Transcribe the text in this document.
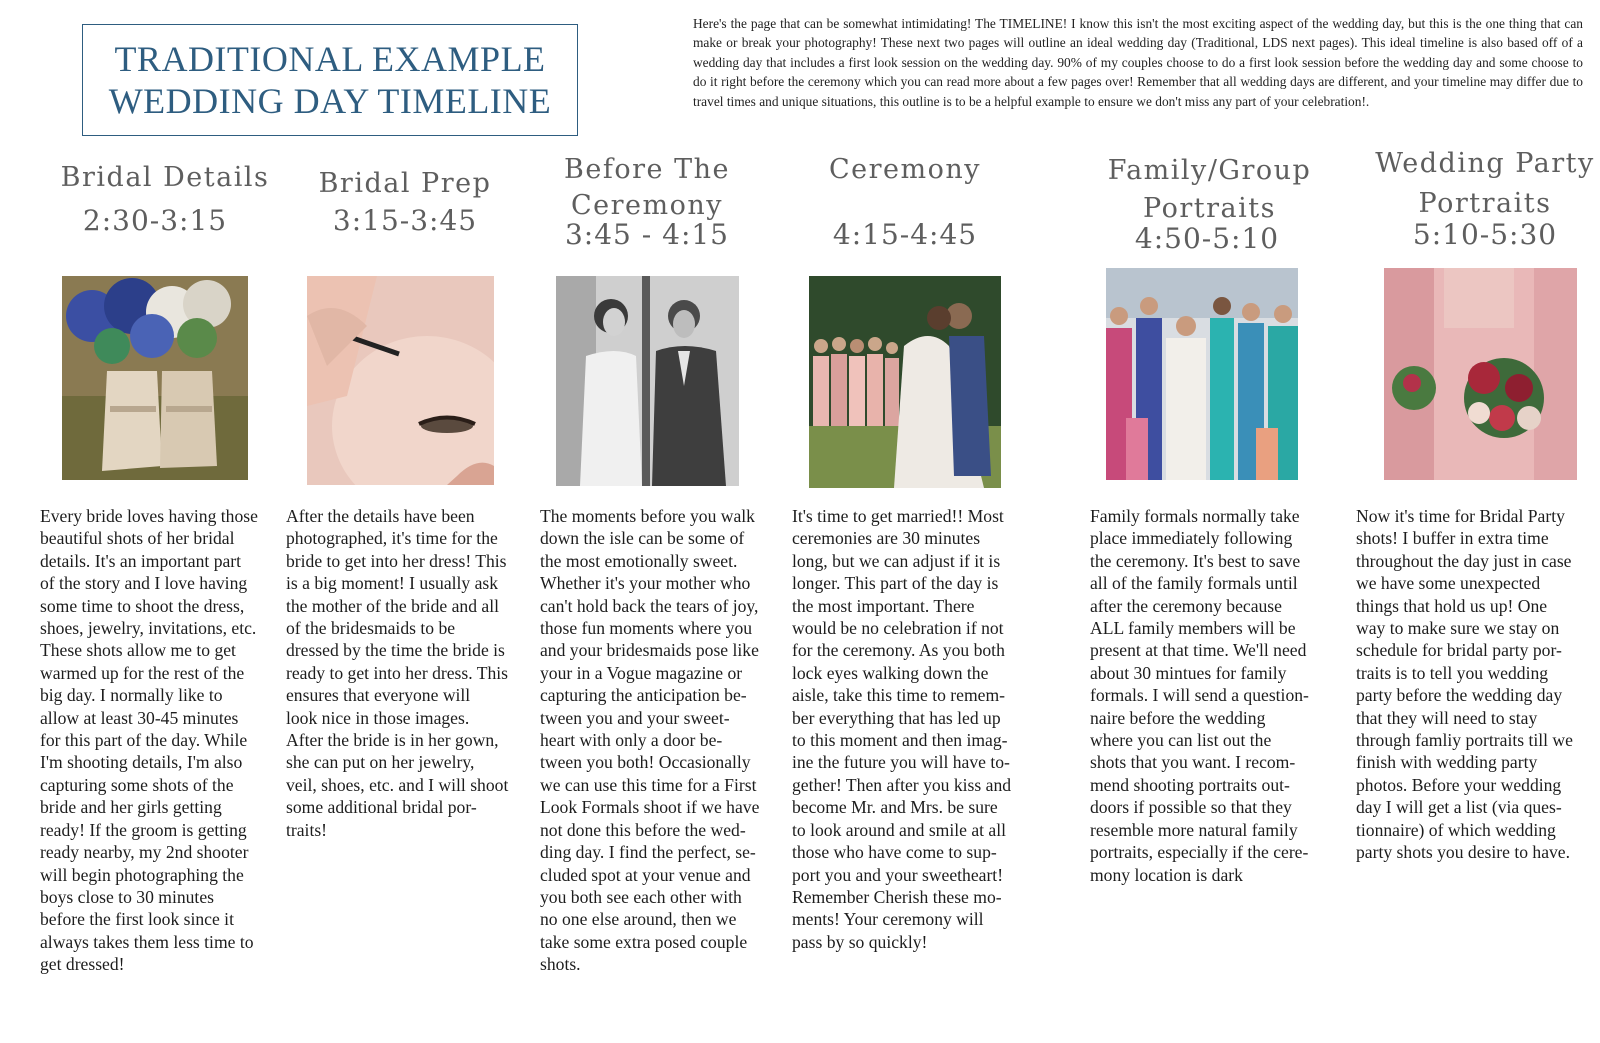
TRADITIONAL EXAMPLE
WEDDING DAY TIMELINE
Here's the page that can be somewhat intimidating! The TIMELINE! I know this isn't the most exciting aspect of the wedding day, but this is the one thing that can make or break your photography! These next two pages will outline an ideal wedding day (Traditional, LDS next pages). This ideal timeline is also based off of a wedding day that includes a first look session on the wedding day. 90% of my couples choose to do a first look session before the wedding day and some choose to do it right before the ceremony which you can read more about a few pages over! Remember that all wedding days are different, and your timeline may differ due to travel times and unique situations, this outline is to be a helpful example to ensure we don't miss any part of your celebration!.
Bridal Details
2:30-3:15
Every bride loves having those
beautiful shots of her bridal
details. It's an important part
of the story and I love having
some time to shoot the dress,
shoes, jewelry, invitations, etc.
These shots allow me to get
warmed up for the rest of the
big day. I normally like to
allow at least 30-45 minutes
for this part of the day. While
I'm shooting details, I'm also
capturing some shots of the
bride and her girls getting
ready! If the groom is getting
ready nearby, my 2nd shooter
will begin photographing the
boys close to 30 minutes
before the first look since it
always takes them less time to
get dressed!
Bridal Prep
3:15-3:45
After the details have been
photographed, it's time for the
bride to get into her dress! This
is a big moment! I usually ask
the mother of the bride and all
of the bridesmaids to be
dressed by the time the bride is
ready to get into her dress. This
ensures that everyone will
look nice in those images.
After the bride is in her gown,
she can put on her jewelry,
veil, shoes, etc. and I will shoot
some additional bridal por-
traits!
Before The
Ceremony
3:45 - 4:15
The moments before you walk
down the isle can be some of
the most emotionally sweet.
Whether it's your mother who
can't hold back the tears of joy,
those fun moments where you
and your bridesmaids pose like
your in a Vogue magazine or
capturing the anticipation be-
tween you and your sweet-
heart with only a door be-
tween you both! Occasionally
we can use this time for a First
Look Formals shoot if we have
not done this before the wed-
ding day. I find the perfect, se-
cluded spot at your venue and
you both see each other with
no one else around, then we
take some extra posed couple
shots.
Ceremony
4:15-4:45
It's time to get married!! Most
ceremonies are 30 minutes
long, but we can adjust if it is
longer. This part of the day is
the most important. There
would be no celebration if not
for the ceremony. As you both
lock eyes walking down the
aisle, take this time to remem-
ber everything that has led up
to this moment and then imag-
ine the future you will have to-
gether! Then after you kiss and
become Mr. and Mrs. be sure
to look around and smile at all
those who have come to sup-
port you and your sweetheart!
Remember Cherish these mo-
ments! Your ceremony will
pass by so quickly!
Family/Group
Portraits
4:50-5:10
Family formals normally take
place immediately following
the ceremony. It's best to save
all of the family formals until
after the ceremony because
ALL family members will be
present at that time. We'll need
about 30 mintues for family
formals. I will send a question-
naire before the wedding
where you can list out the
shots that you want. I recom-
mend shooting portraits out-
doors if possible so that they
resemble more natural family
portraits, especially if the cere-
mony location is dark
Wedding Party
Portraits
5:10-5:30
Now it's time for Bridal Party
shots! I buffer in extra time
throughout the day just in case
we have some unexpected
things that hold us up! One
way to make sure we stay on
schedule for bridal party por-
traits is to tell you wedding
party before the wedding day
that they will need to stay
through famliy portraits till we
finish with wedding party
photos. Before your wedding
day I will get a list (via ques-
tionnaire) of which wedding
party shots you desire to have.
